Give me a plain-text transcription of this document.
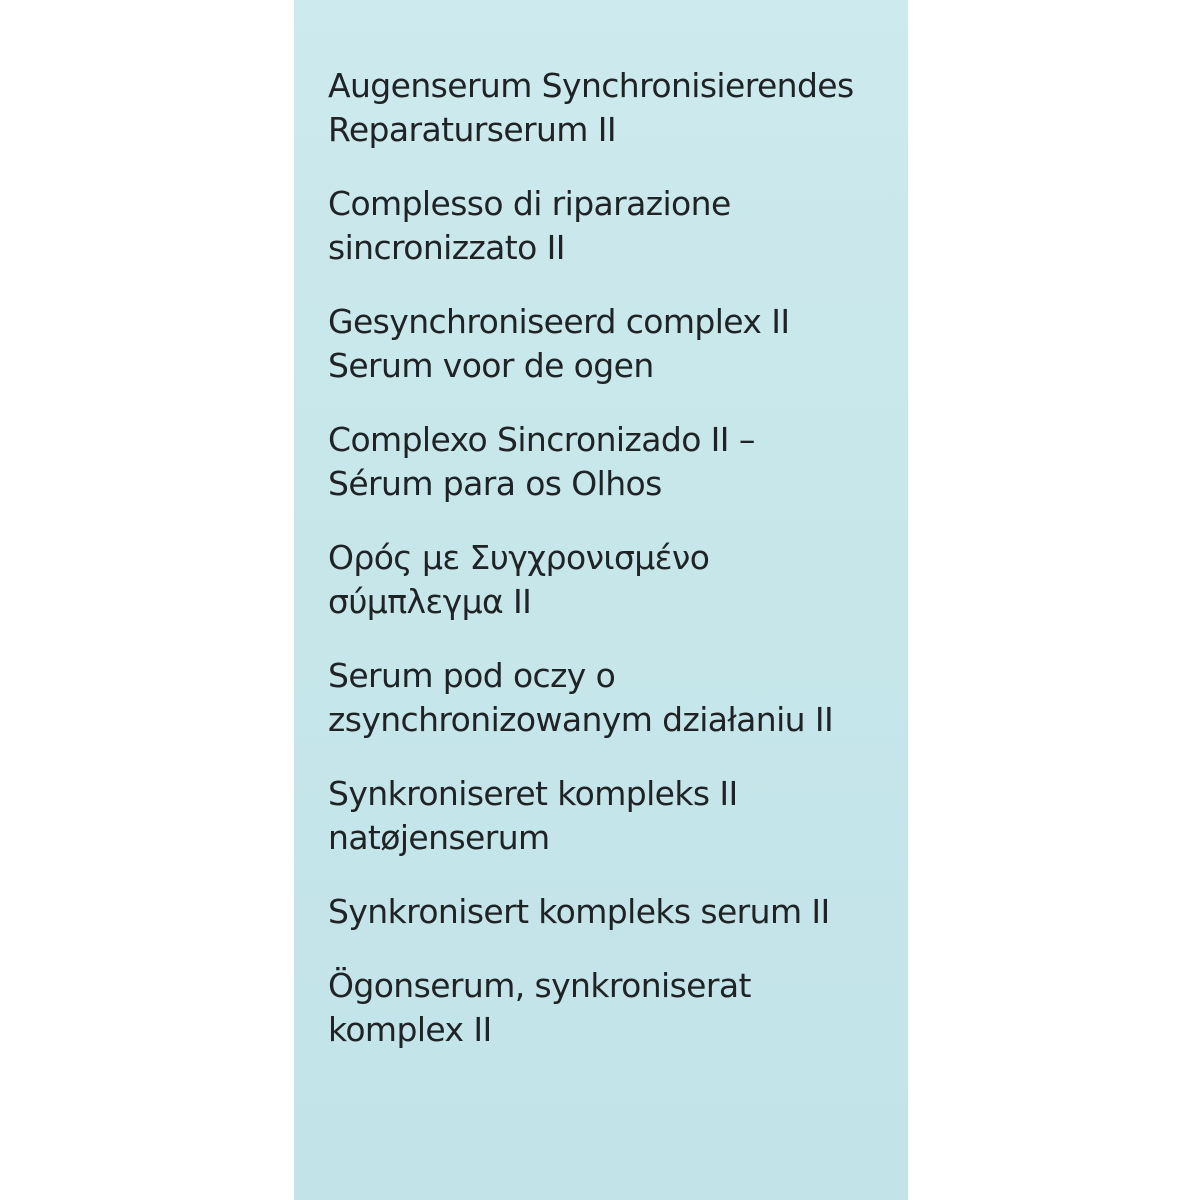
Augenserum Synchronisierendes
Reparaturserum II
Complesso di riparazione
sincronizzato II
Gesynchroniseerd complex II
Serum voor de ogen
Complexo Sincronizado II –
Sérum para os Olhos
Ορός με Συγχρονισμένο
σύμπλεγμα II
Serum pod oczy o
zsynchronizowanym działaniu II
Synkroniseret kompleks II
natøjenserum
Synkronisert kompleks serum II
Ögonserum, synkroniserat
komplex II
